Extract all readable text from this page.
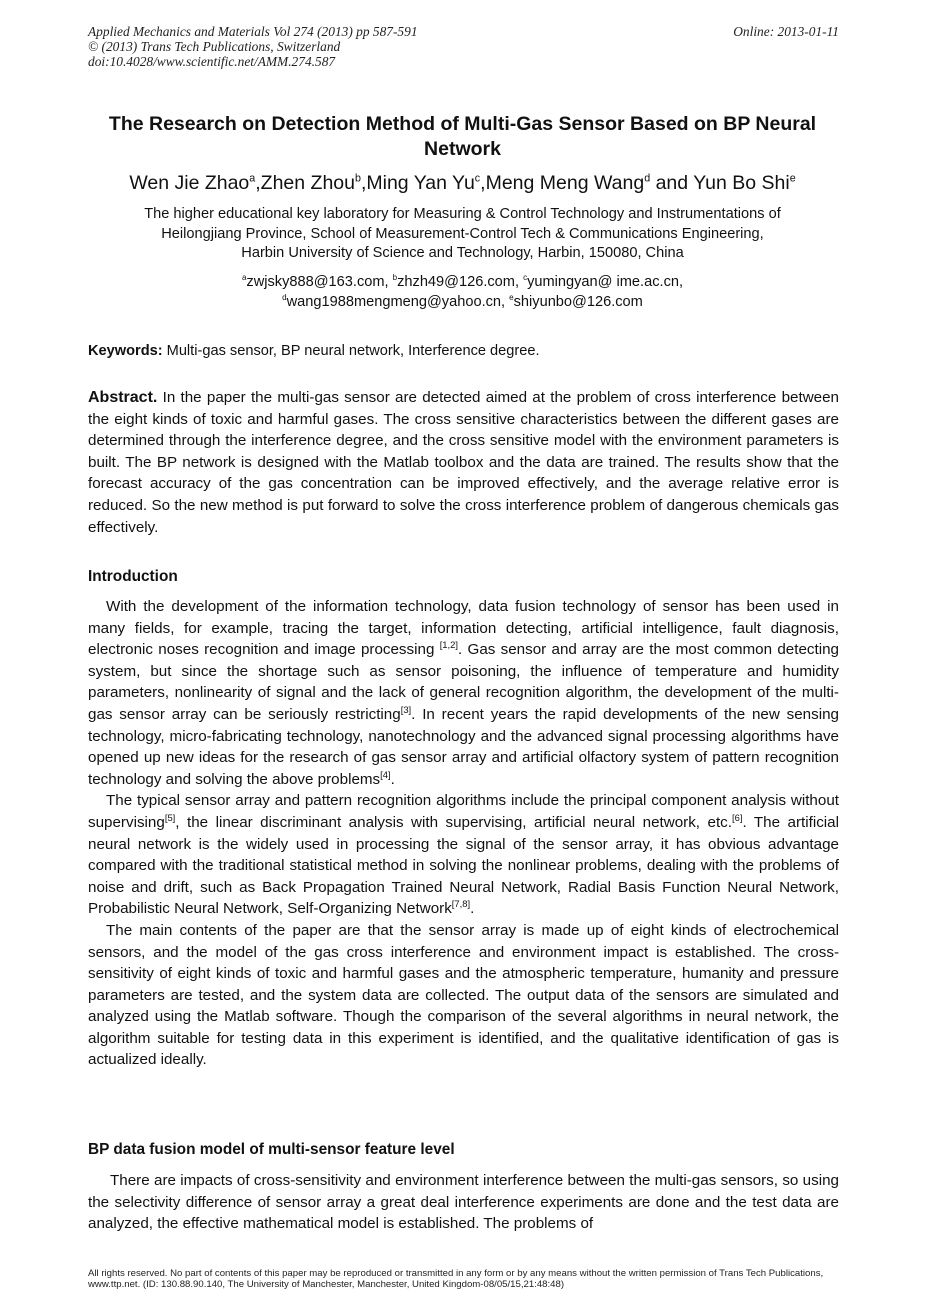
Applied Mechanics and Materials Vol 274 (2013) pp 587-591
© (2013) Trans Tech Publications, Switzerland
doi:10.4028/www.scientific.net/AMM.274.587
Online: 2013-01-11
The Research on Detection Method of Multi-Gas Sensor Based on BP Neural Network
Wen Jie Zhao$^a$,Zhen Zhou$^b$,Ming Yan Yu$^c$,Meng Meng Wang$^d$ and Yun Bo Shi$^e$
The higher educational key laboratory for Measuring & Control Technology and Instrumentations of
Heilongjiang Province, School of Measurement-Control Tech & Communications Engineering,
Harbin University of Science and Technology, Harbin, 150080, China
$^a$zwjsky888@163.com, $^b$zhzh49@126.com, $^c$yumingyan@ ime.ac.cn,
$^d$wang1988mengmeng@yahoo.cn, $^e$shiyunbo@126.com
Keywords: Multi-gas sensor, BP neural network, Interference degree.
Abstract. In the paper the multi-gas sensor are detected aimed at the problem of cross interference between the eight kinds of toxic and harmful gases. The cross sensitive characteristics between the different gases are determined through the interference degree, and the cross sensitive model with the environment parameters is built. The BP network is designed with the Matlab toolbox and the data are trained. The results show that the forecast accuracy of the gas concentration can be improved effectively, and the average relative error is reduced. So the new method is put forward to solve the cross interference problem of dangerous chemicals gas effectively.
Introduction

With the development of the information technology, data fusion technology of sensor has been used in many fields, for example, tracing the target, information detecting, artificial intelligence, fault diagnosis, electronic noses recognition and image processing [1,2]. Gas sensor and array are the most common detecting system, but since the shortage such as sensor poisoning, the influence of temperature and humidity parameters, nonlinearity of signal and the lack of general recognition algorithm, the development of the multi-gas sensor array can be seriously restricting[3]. In recent years the rapid developments of the new sensing technology, micro-fabricating technology, nanotechnology and the advanced signal processing algorithms have opened up new ideas for the research of gas sensor array and artificial olfactory system of pattern recognition technology and solving the above problems[4].

The typical sensor array and pattern recognition algorithms include the principal component analysis without supervising[5], the linear discriminant analysis with supervising, artificial neural network, etc.[6]. The artificial neural network is the widely used in processing the signal of the sensor array, it has obvious advantage compared with the traditional statistical method in solving the nonlinear problems, dealing with the problems of noise and drift, such as Back Propagation Trained Neural Network, Radial Basis Function Neural Network, Probabilistic Neural Network, Self-Organizing Network[7,8].

The main contents of the paper are that the sensor array is made up of eight kinds of electrochemical sensors, and the model of the gas cross interference and environment impact is established. The cross-sensitivity of eight kinds of toxic and harmful gases and the atmospheric temperature, humanity and pressure parameters are tested, and the system data are collected. The output data of the sensors are simulated and analyzed using the Matlab software. Though the comparison of the several algorithms in neural network, the algorithm suitable for testing data in this experiment is identified, and the qualitative identification of gas is actualized ideally.

BP data fusion model of multi-sensor feature level

There are impacts of cross-sensitivity and environment interference between the multi-gas sensors, so using the selectivity difference of sensor array a great deal interference experiments are done and the test data are analyzed, the effective mathematical model is established. The problems of

All rights reserved. No part of contents of this paper may be reproduced or transmitted in any form or by any means without the written permission of Trans Tech Publications, www.ttp.net. (ID: 130.88.90.140, The University of Manchester, Manchester, United Kingdom-08/05/15,21:48:48)
